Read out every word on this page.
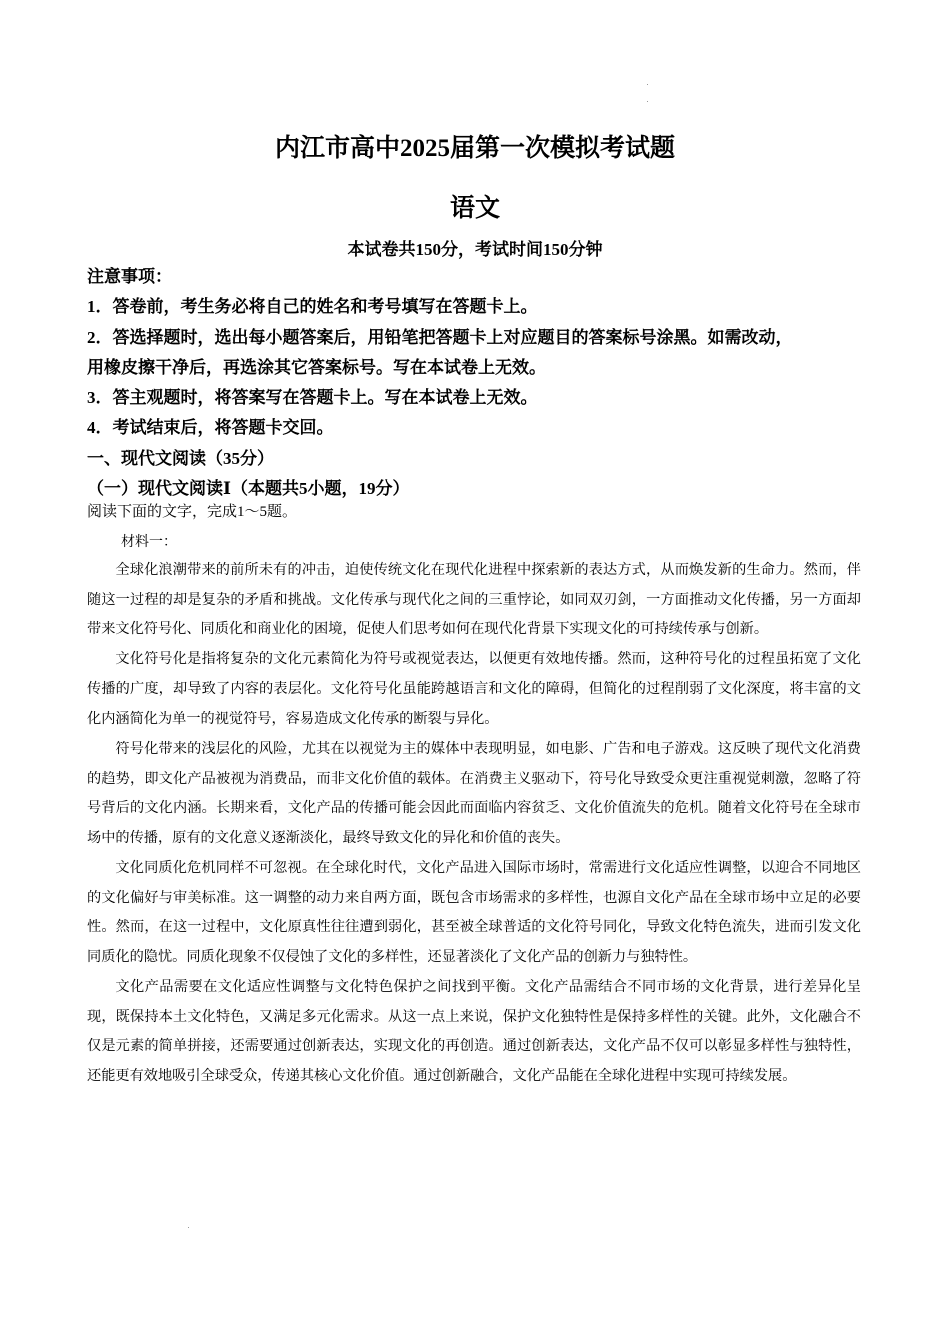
内江市高中2025届第一次模拟考试题
语文
本试卷共150分，考试时间150分钟
注意事项：
1．答卷前，考生务必将自己的姓名和考号填写在答题卡上。
2．答选择题时，选出每小题答案后，用铅笔把答题卡上对应题目的答案标号涂黑。如需改动，
用橡皮擦干净后，再选涂其它答案标号。写在本试卷上无效。
3．答主观题时，将答案写在答题卡上。写在本试卷上无效。
4．考试结束后，将答题卡交回。
一、现代文阅读（35分）
（一）现代文阅读Ⅰ（本题共5小题，19分）
阅读下面的文字，完成1～5题。
材料一：

全球化浪潮带来的前所未有的冲击，迫使传统文化在现代化进程中探索新的表达方式，从而焕发新的生命力。然而，伴随这一过程的却是复杂的矛盾和挑战。文化传承与现代化之间的三重悖论，如同双刃剑，一方面推动文化传播，另一方面却带来文化符号化、同质化和商业化的困境，促使人们思考如何在现代化背景下实现文化的可持续传承与创新。

文化符号化是指将复杂的文化元素简化为符号或视觉表达，以便更有效地传播。然而，这种符号化的过程虽拓宽了文化传播的广度，却导致了内容的表层化。文化符号化虽能跨越语言和文化的障碍，但简化的过程削弱了文化深度，将丰富的文化内涵简化为单一的视觉符号，容易造成文化传承的断裂与异化。

符号化带来的浅层化的风险，尤其在以视觉为主的媒体中表现明显，如电影、广告和电子游戏。这反映了现代文化消费的趋势，即文化产品被视为消费品，而非文化价值的载体。在消费主义驱动下，符号化导致受众更注重视觉刺激，忽略了符号背后的文化内涵。长期来看，文化产品的传播可能会因此而面临内容贫乏、文化价值流失的危机。随着文化符号在全球市场中的传播，原有的文化意义逐渐淡化，最终导致文化的异化和价值的丧失。

文化同质化危机同样不可忽视。在全球化时代，文化产品进入国际市场时，常需进行文化适应性调整，以迎合不同地区的文化偏好与审美标准。这一调整的动力来自两方面，既包含市场需求的多样性，也源自文化产品在全球市场中立足的必要性。然而，在这一过程中，文化原真性往往遭到弱化，甚至被全球普适的文化符号同化，导致文化特色流失，进而引发文化同质化的隐忧。同质化现象不仅侵蚀了文化的多样性，还显著淡化了文化产品的创新力与独特性。

文化产品需要在文化适应性调整与文化特色保护之间找到平衡。文化产品需结合不同市场的文化背景，进行差异化呈现，既保持本土文化特色，又满足多元化需求。从这一点上来说，保护文化独特性是保持多样性的关键。此外，文化融合不仅是元素的简单拼接，还需要通过创新表达，实现文化的再创造。通过创新表达，文化产品不仅可以彰显多样性与独特性，还能更有效地吸引全球受众，传递其核心文化价值。通过创新融合，文化产品能在全球化进程中实现可持续发展。
